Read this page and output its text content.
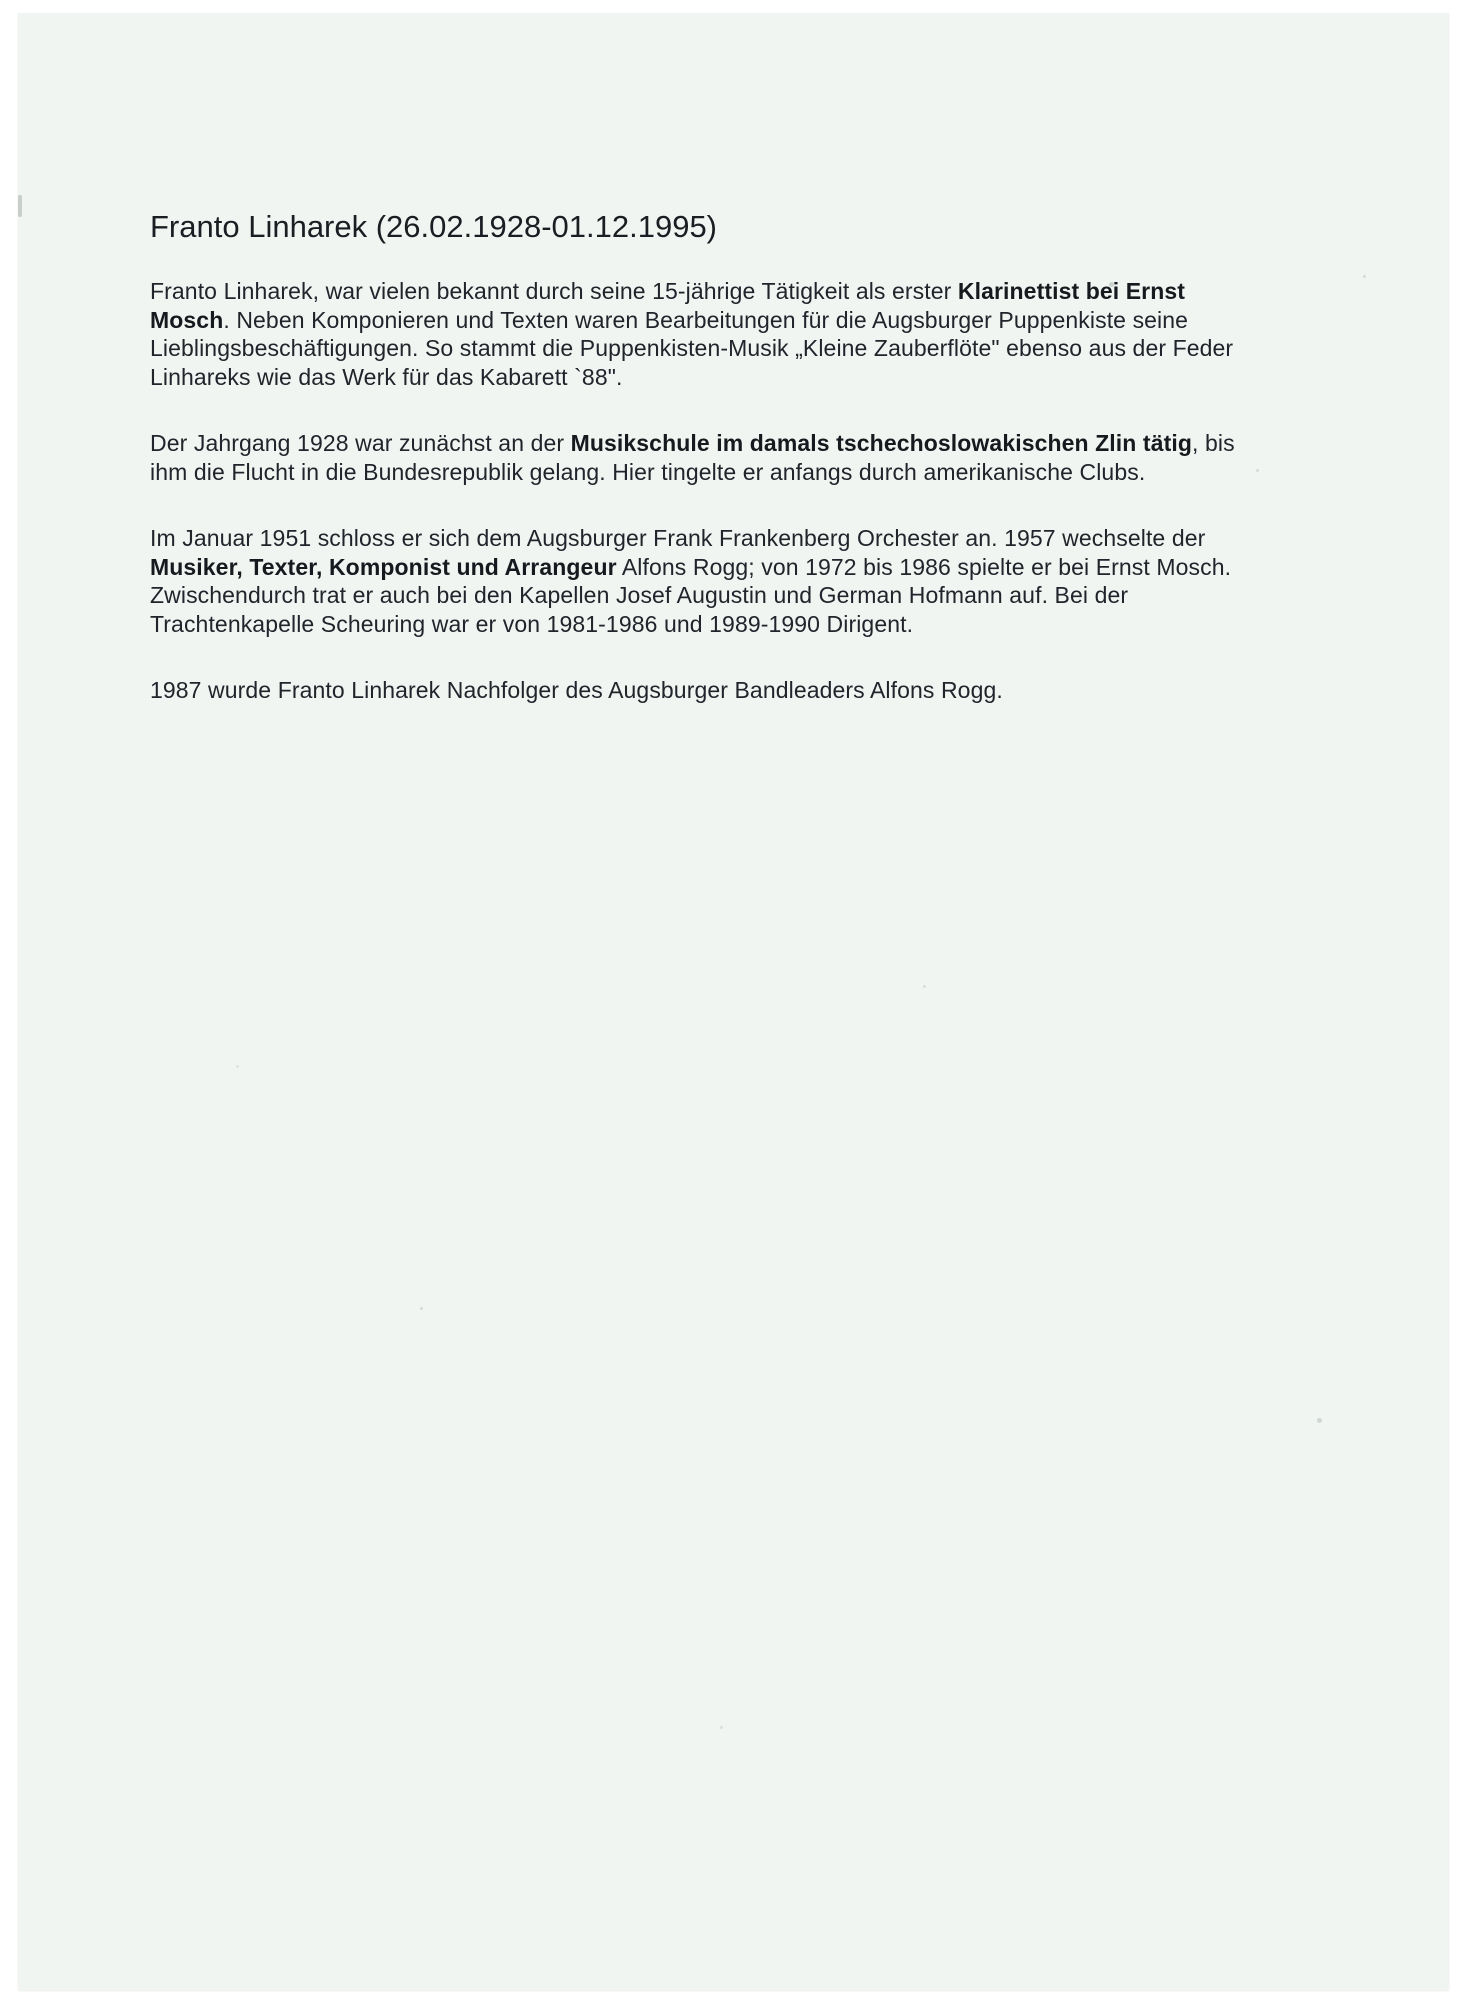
Franto Linharek (26.02.1928-01.12.1995)

Franto Linharek, war vielen bekannt durch seine 15-jährige Tätigkeit als erster Klarinettist bei Ernst Mosch. Neben Komponieren und Texten waren Bearbeitungen für die Augsburger Puppenkiste seine Lieblingsbeschäftigungen. So stammt die Puppenkisten-Musik „Kleine Zauberflöte" ebenso aus der Feder Linhareks wie das Werk für das Kabarett `88".

Der Jahrgang 1928 war zunächst an der Musikschule im damals tschechoslowakischen Zlin tätig, bis ihm die Flucht in die Bundesrepublik gelang. Hier tingelte er anfangs durch amerikanische Clubs.

Im Januar 1951 schloss er sich dem Augsburger Frank Frankenberg Orchester an. 1957 wechselte der Musiker, Texter, Komponist und Arrangeur Alfons Rogg; von 1972 bis 1986 spielte er bei Ernst Mosch. Zwischendurch trat er auch bei den Kapellen Josef Augustin und German Hofmann auf. Bei der Trachtenkapelle Scheuring war er von 1981-1986 und 1989-1990 Dirigent.

1987 wurde Franto Linharek Nachfolger des Augsburger Bandleaders Alfons Rogg.
